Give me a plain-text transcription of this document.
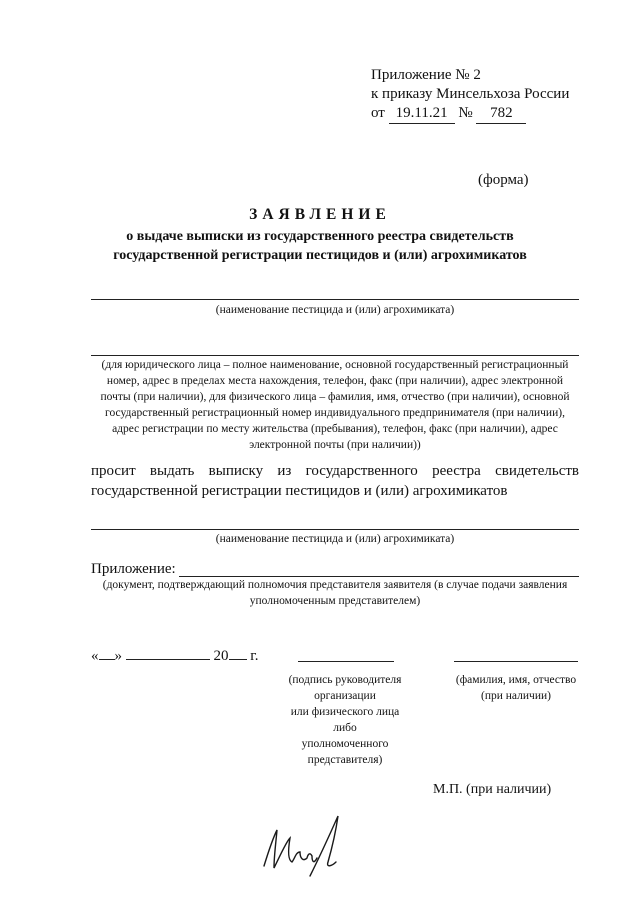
Приложение № 2
к приказу Минсельхоза России
от 19.11.21 № 782
(форма)
ЗАЯВЛЕНИЕ
о выдаче выписки из государственного реестра свидетельств
государственной регистрации пестицидов и (или) агрохимикатов
(наименование пестицида и (или) агрохимиката)
(для юридического лица – полное наименование, основной государственный регистрационный
номер, адрес в пределах места нахождения, телефон, факс (при наличии), адрес электронной
почты (при наличии), для физического лица – фамилия, имя, отчество (при наличии), основной
государственный регистрационный номер индивидуального предпринимателя (при наличии),
адрес регистрации по месту жительства (пребывания), телефон, факс (при наличии), адрес
электронной почты (при наличии))
просит выдать выписку из государственного реестра свидетельств
государственной регистрации пестицидов и (или) агрохимикатов
(наименование пестицида и (или) агрохимиката)
Приложение:
(документ, подтверждающий полномочия представителя заявителя (в случае подачи заявления
уполномоченным представителем)
« »	20 г.
(подпись руководителя
организации
или физического лица
либо
уполномоченного
представителя)
(фамилия, имя, отчество
(при наличии)
М.П. (при наличии)
